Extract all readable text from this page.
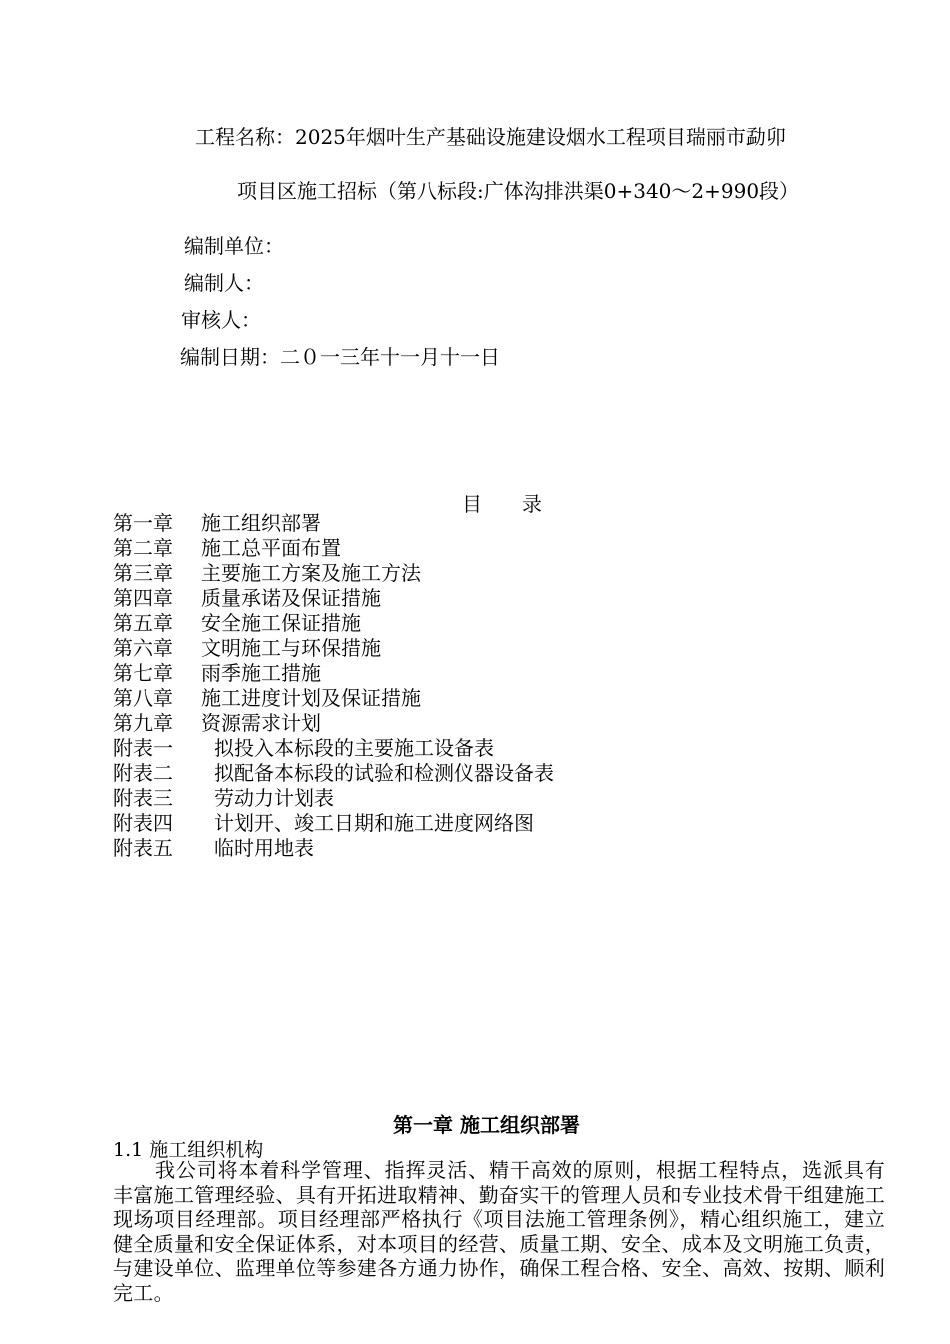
工程名称：2025年烟叶生产基础设施建设烟水工程项目瑞丽市勐卯
项目区施工招标（第八标段:广体沟排洪渠0+340～2+990段）
编制单位：
编制人：
审核人：
编制日期：二０一三年十一月十一日
目　　录
第一章	施工组织部署
第二章	施工总平面布置
第三章	主要施工方案及施工方法
第四章	质量承诺及保证措施
第五章	安全施工保证措施
第六章	文明施工与环保措施
第七章	雨季施工措施
第八章	施工进度计划及保证措施
第九章	资源需求计划
附表一	拟投入本标段的主要施工设备表
附表二	拟配备本标段的试验和检测仪器设备表
附表三	劳动力计划表
附表四	计划开、竣工日期和施工进度网络图
附表五	临时用地表
第一章 施工组织部署
1.1 施工组织机构
我公司将本着科学管理、指挥灵活、精干高效的原则，根据工程特点，选派具有丰富施工管理经验、具有开拓进取精神、勤奋实干的管理人员和专业技术骨干组建施工现场项目经理部。项目经理部严格执行《项目法施工管理条例》，精心组织施工，建立健全质量和安全保证体系，对本项目的经营、质量工期、安全、成本及文明施工负责，与建设单位、监理单位等参建各方通力协作，确保工程合格、安全、高效、按期、顺利完工。
